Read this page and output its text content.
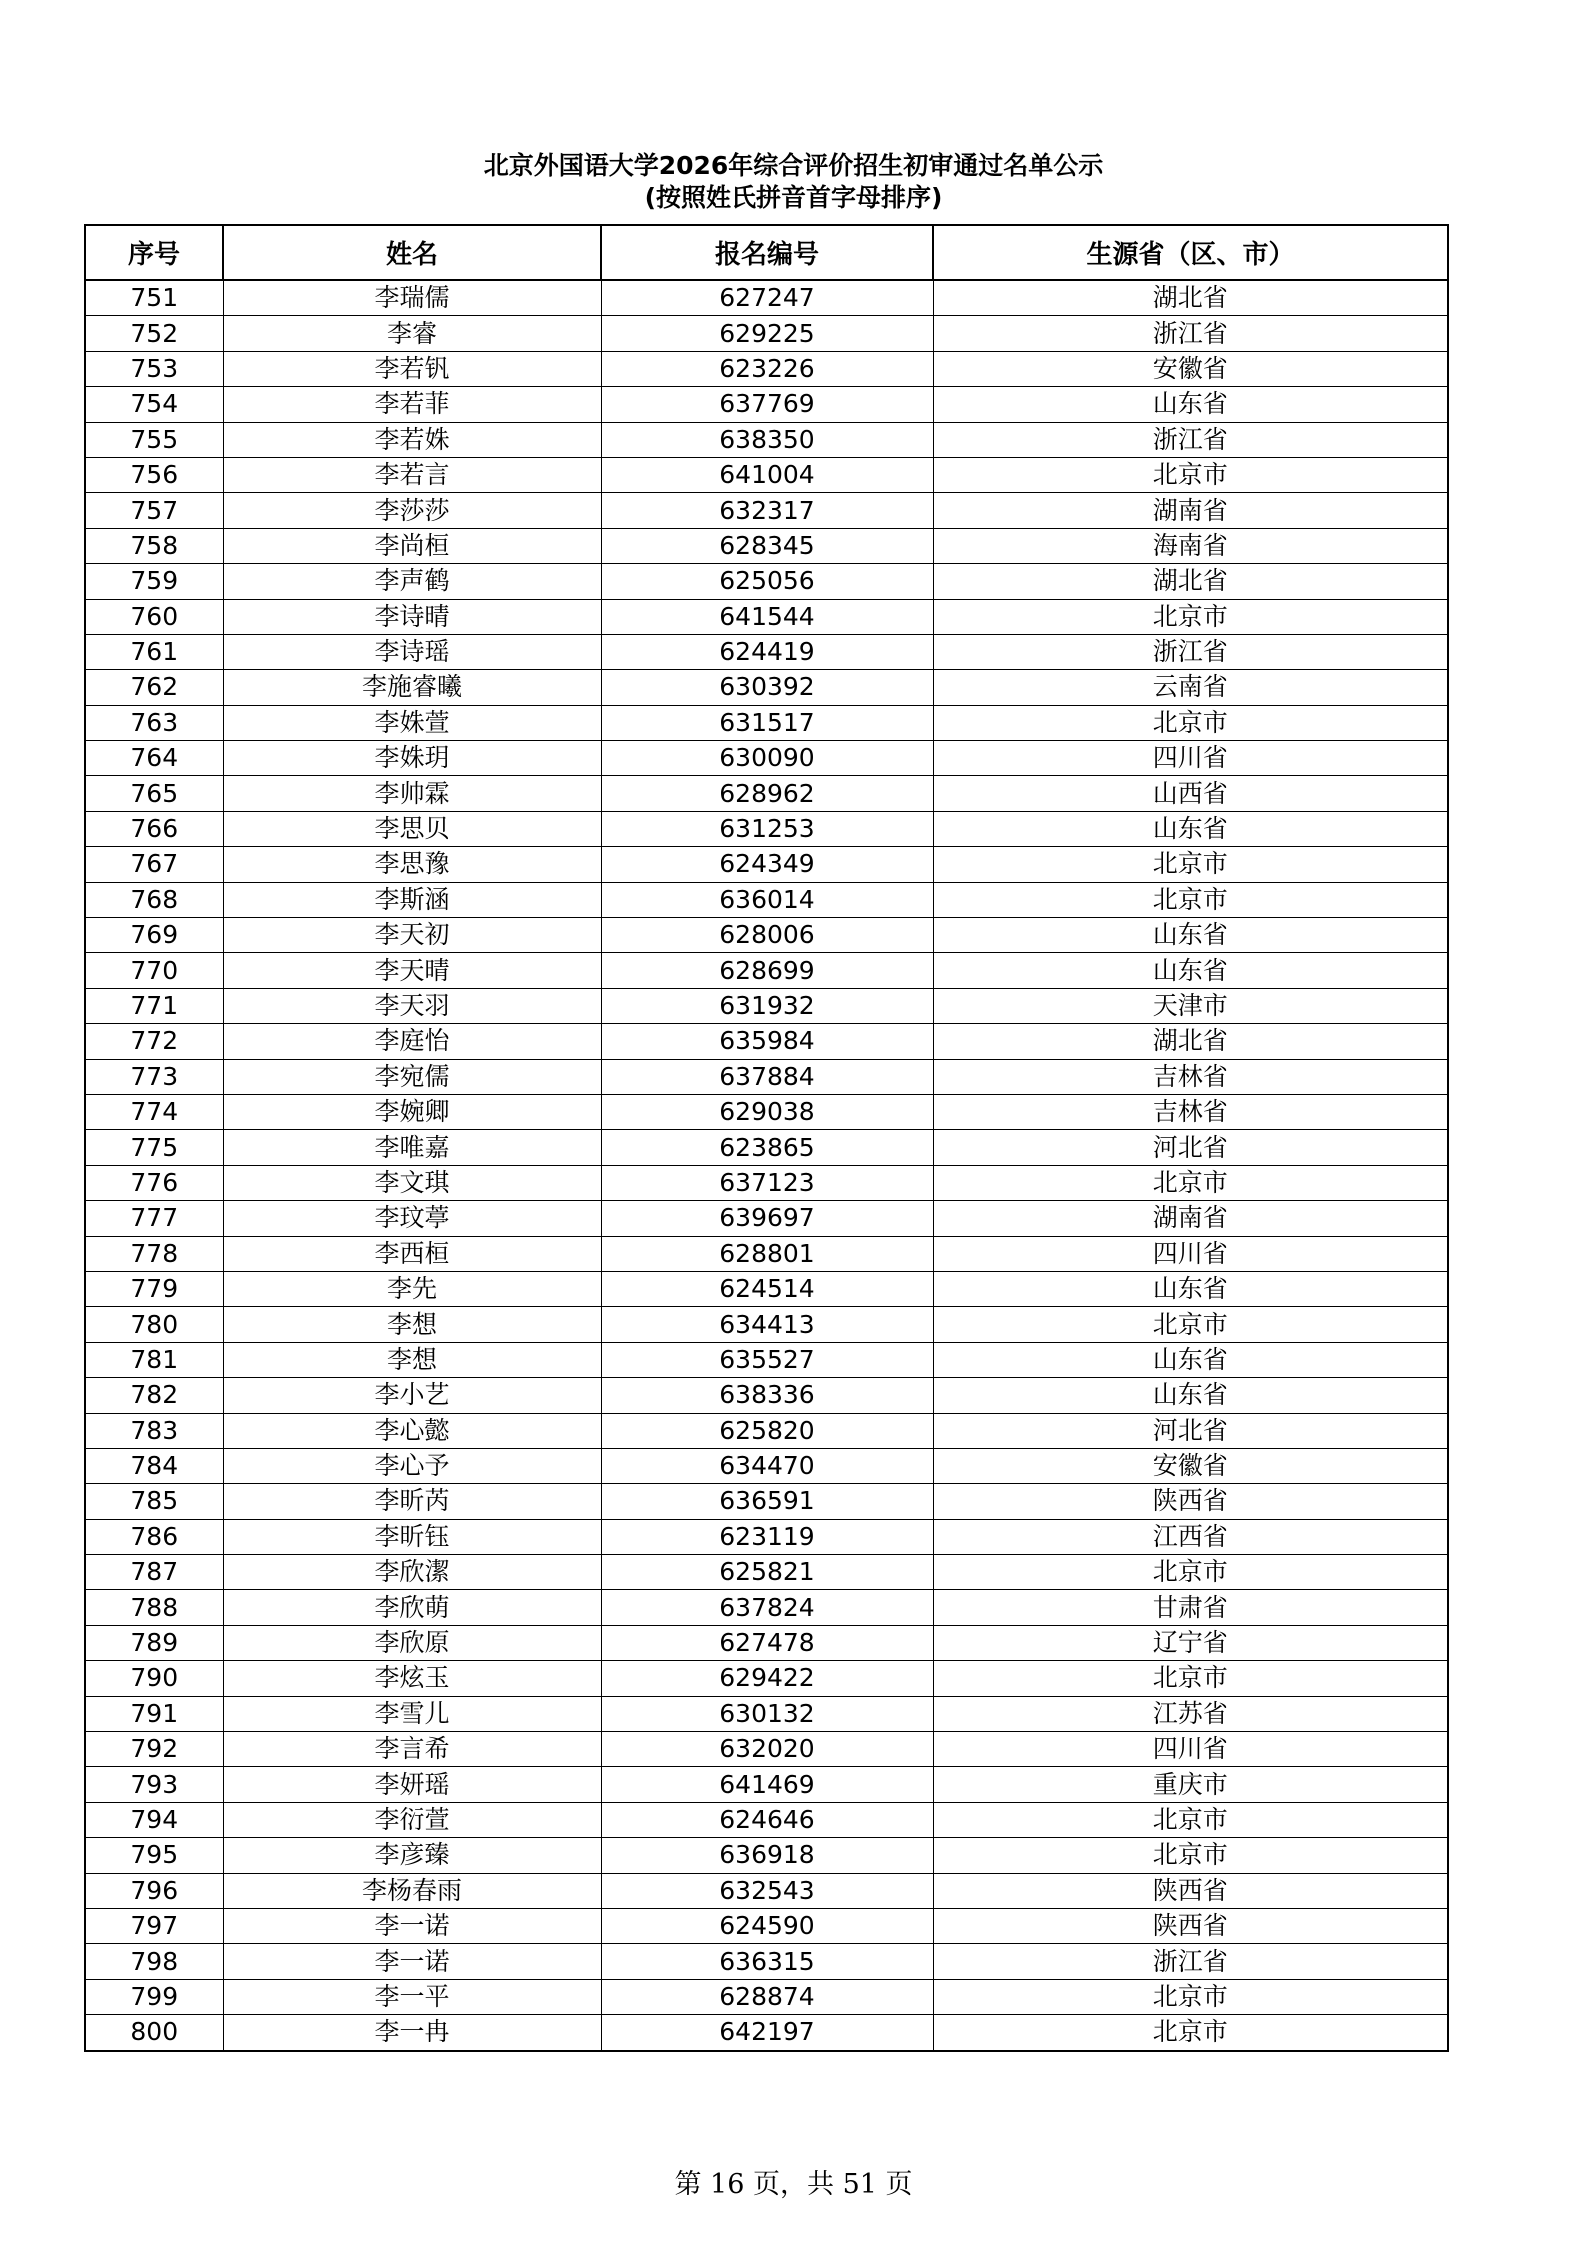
北京外国语大学2026年综合评价招生初审通过名单公示
(按照姓氏拼音首字母排序)
序号	姓名	报名编号	生源省（区、市）
751	李瑞儒	627247	湖北省
752	李睿	629225	浙江省
753	李若钒	623226	安徽省
754	李若菲	637769	山东省
755	李若姝	638350	浙江省
756	李若言	641004	北京市
757	李莎莎	632317	湖南省
758	李尚桓	628345	海南省
759	李声鹤	625056	湖北省
760	李诗晴	641544	北京市
761	李诗瑶	624419	浙江省
762	李施睿曦	630392	云南省
763	李姝萱	631517	北京市
764	李姝玥	630090	四川省
765	李帅霖	628962	山西省
766	李思贝	631253	山东省
767	李思豫	624349	北京市
768	李斯涵	636014	北京市
769	李天初	628006	山东省
770	李天晴	628699	山东省
771	李天羽	631932	天津市
772	李庭怡	635984	湖北省
773	李宛儒	637884	吉林省
774	李婉卿	629038	吉林省
775	李唯嘉	623865	河北省
776	李文琪	637123	北京市
777	李玟葶	639697	湖南省
778	李西桓	628801	四川省
779	李先	624514	山东省
780	李想	634413	北京市
781	李想	635527	山东省
782	李小艺	638336	山东省
783	李心懿	625820	河北省
784	李心予	634470	安徽省
785	李昕芮	636591	陕西省
786	李昕钰	623119	江西省
787	李欣潔	625821	北京市
788	李欣萌	637824	甘肃省
789	李欣原	627478	辽宁省
790	李炫玉	629422	北京市
791	李雪儿	630132	江苏省
792	李言希	632020	四川省
793	李妍瑶	641469	重庆市
794	李衍萱	624646	北京市
795	李彦臻	636918	北京市
796	李杨春雨	632543	陕西省
797	李一诺	624590	陕西省
798	李一诺	636315	浙江省
799	李一平	628874	北京市
800	李一冉	642197	北京市
第 16 页，共 51 页
